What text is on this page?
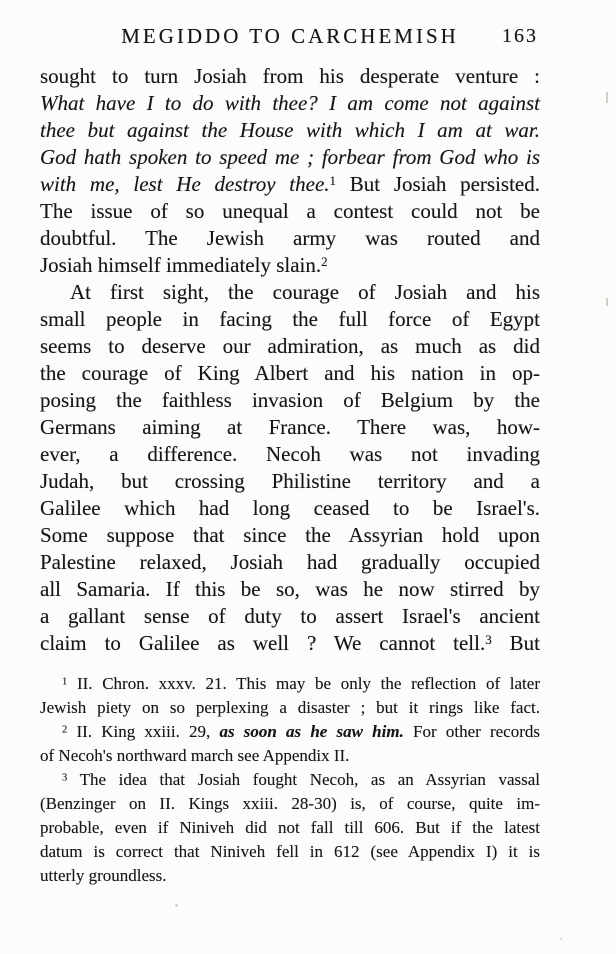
MEGIDDO TO CARCHEMISH	163
sought to turn Josiah from his desperate venture :
What have I to do with thee? I am come not against
thee but against the House with which I am at war.
God hath spoken to speed me ; forbear from God who is
with me, lest He destroy thee.$^1$ But Josiah persisted.
The issue of so unequal a contest could not be
doubtful. The Jewish army was routed and
Josiah himself immediately slain.$^2$
At first sight, the courage of Josiah and his
small people in facing the full force of Egypt
seems to deserve our admiration, as much as did
the courage of King Albert and his nation in op-
posing the faithless invasion of Belgium by the
Germans aiming at France. There was, how-
ever, a difference. Necoh was not invading
Judah, but crossing Philistine territory and a
Galilee which had long ceased to be Israel's.
Some suppose that since the Assyrian hold upon
Palestine relaxed, Josiah had gradually occupied
all Samaria. If this be so, was he now stirred by
a gallant sense of duty to assert Israel's ancient
claim to Galilee as well ? We cannot tell.$^3$ But
$^1$ II. Chron. xxxv. 21. This may be only the reflection of later
Jewish piety on so perplexing a disaster ; but it rings like fact.
$^2$ II. King xxiii. 29, as soon as he saw him. For other records
of Necoh's northward march see Appendix II.
$^3$ The idea that Josiah fought Necoh, as an Assyrian vassal
(Benzinger on II. Kings xxiii. 28-30) is, of course, quite im-
probable, even if Niniveh did not fall till 606. But if the latest
datum is correct that Niniveh fell in 612 (see Appendix I) it is
utterly groundless.
